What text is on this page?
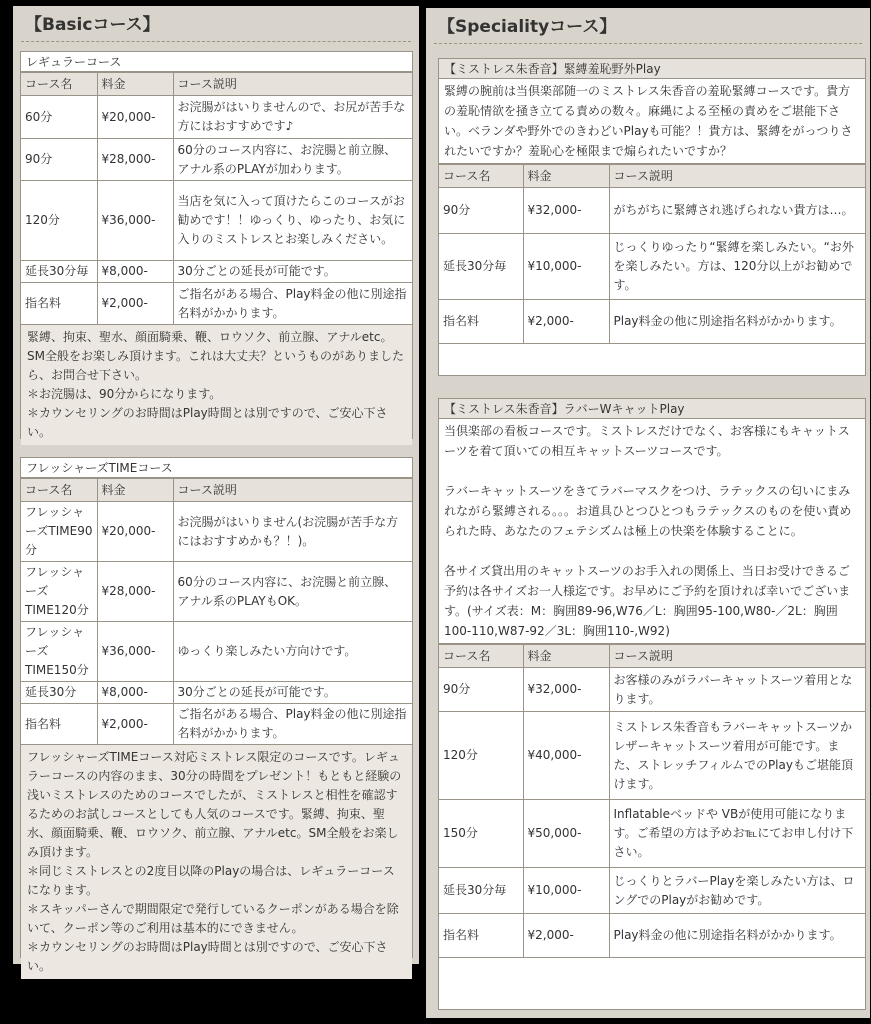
【Basicコース】
レギュラーコース
コース名	料金	コース説明
60分	¥20,000-	お浣腸がはいりませんので、お尻が苦手な方にはおすすめです♪
90分	¥28,000-	60分のコース内容に、お浣腸と前立腺、アナル系のPLAYが加わります。
120分	¥36,000-	当店を気に入って頂けたらこのコースがお勧めです！！ゆっくり、ゆったり、お気に入りのミストレスとお楽しみください。
延長30分毎	¥8,000-	30分ごとの延長が可能です。
指名料	¥2,000-	ご指名がある場合、Play料金の他に別途指名料がかかります。
緊縛、拘束、聖水、顔面騎乗、鞭、ロウソク、前立腺、アナルetc。SM全般をお楽しみ頂けます。これは大丈夫？というものがありましたら、お問合せ下さい。
＊お浣腸は、90分からになります。
＊カウンセリングのお時間はPlay時間とは別ですので、ご安心下さい。
フレッシャーズTIMEコース
コース名	料金	コース説明
フレッシャーズTIME90分	¥20,000-	お浣腸がはいりません(お浣腸が苦手な方にはおすすめかも？！)。
フレッシャーズTIME120分	¥28,000-	60分のコース内容に、お浣腸と前立腺、アナル系のPLAYもOK。
フレッシャーズTIME150分	¥36,000-	ゆっくり楽しみたい方向けです。
延長30分	¥8,000-	30分ごとの延長が可能です。
指名料	¥2,000-	ご指名がある場合、Play料金の他に別途指名料がかかります。
フレッシャーズTIMEコース対応ミストレス限定のコースです。レギュラーコースの内容のまま、30分の時間をプレゼント！もともと経験の浅いミストレスのためのコースでしたが、ミストレスと相性を確認するためのお試しコースとしても人気のコースです。緊縛、拘束、聖水、顔面騎乗、鞭、ロウソク、前立腺、アナルetc。SM全般をお楽しみ頂けます。
＊同じミストレスとの2度目以降のPlayの場合は、レギュラーコースになります。
＊スキッパーさんで期間限定で発行しているクーポンがある場合を除いて、クーポン等のご利用は基本的にできません。
＊カウンセリングのお時間はPlay時間とは別ですので、ご安心下さい。
【Specialityコース】
【ミストレス朱香音】緊縛羞恥野外Play

緊縛の腕前は当倶楽部随一のミストレス朱香音の羞恥緊縛コースです。貴方の羞恥情欲を掻き立てる責めの数々。麻縄による至極の責めをご堪能下さい。ベランダや野外でのきわどいPlayも可能？！貴方は、緊縛をがっつりされたいですか？羞恥心を極限まで煽られたいですか？

コース名	料金	コース説明
90分	¥32,000-	がちがちに緊縛され逃げられない貴方は…。
延長30分毎	¥10,000-	じっくりゆったり“緊縛を楽しみたい。“お外を楽しみたい。方は、120分以上がお勧めです。
指名料	¥2,000-	Play料金の他に別途指名料がかかります。
【ミストレス朱香音】ラバーWキャットPlay

当倶楽部の看板コースです。ミストレスだけでなく、お客様にもキャットスーツを着て頂いての相互キャットスーツコースです。

ラバーキャットスーツをきてラバーマスクをつけ、ラテックスの匂いにまみれながら緊縛される。。。お道具ひとつひとつもラテックスのものを使い責められた時、あなたのフェテシズムは極上の快楽を体験することに。

各サイズ貸出用のキャットスーツのお手入れの関係上、当日お受けできるご予約は各サイズお一人様迄です。お早めにご予約を頂ければ幸いでございます。(サイズ表：M：胸囲89-96,W76／L：胸囲95-100,W80-／2L：胸囲100-110,W87-92／3L：胸囲110-,W92)

コース名	料金	コース説明
90分	¥32,000-	お客様のみがラバーキャットスーツ着用となります。
120分	¥40,000-	ミストレス朱香音もラバーキャットスーツかレザーキャットスーツ着用が可能です。また、ストレッチフィルムでのPlayもご堪能頂けます。
150分	¥50,000-	Inflatableベッドや VBが使用可能になります。ご希望の方は予めお℡にてお申し付け下さい。
延長30分毎	¥10,000-	じっくりとラバーPlayを楽しみたい方は、ロングでのPlayがお勧めです。
指名料	¥2,000-	Play料金の他に別途指名料がかかります。
